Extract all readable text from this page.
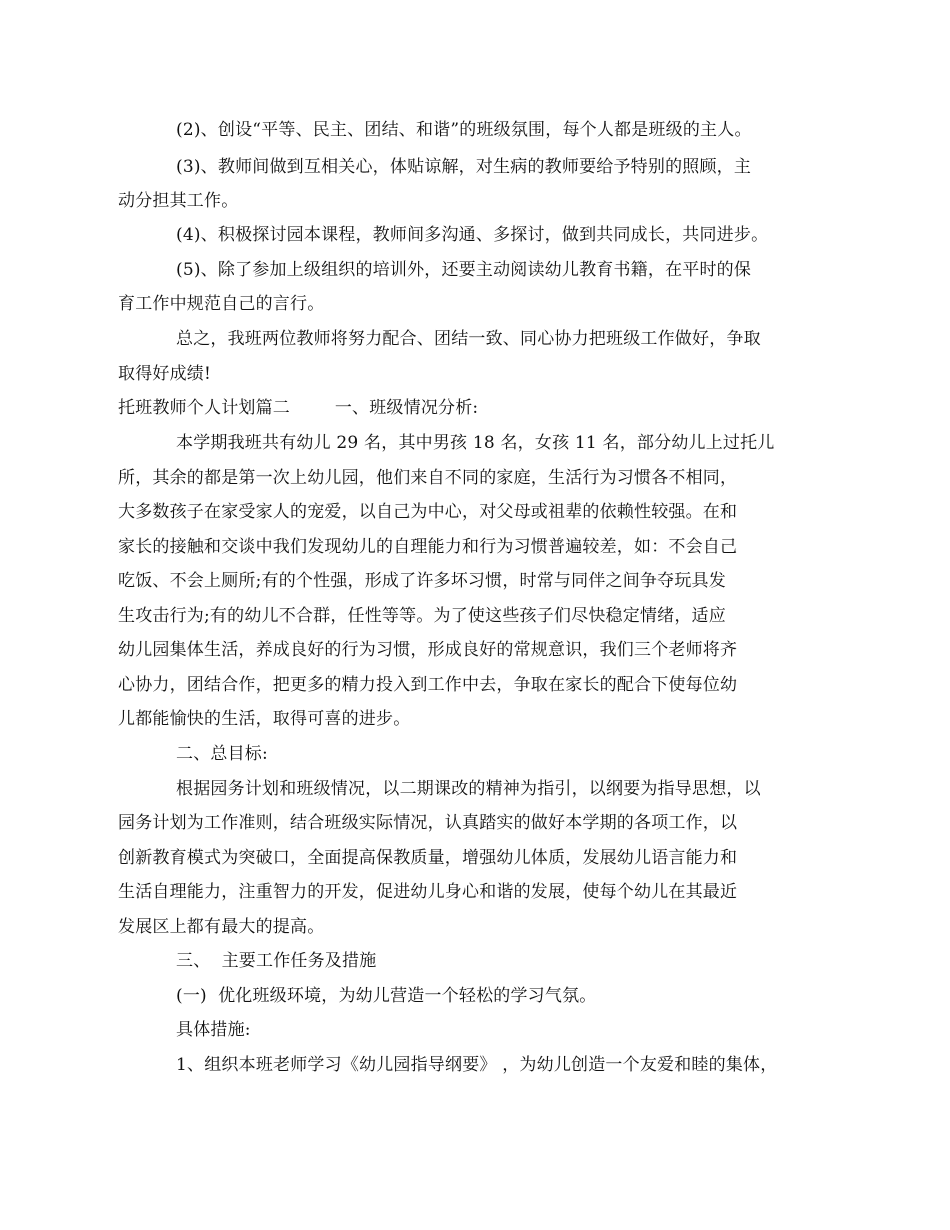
(2)、创设“平等、民主、团结、和谐”的班级氛围，每个人都是班级的主人。
(3)、教师间做到互相关心，体贴谅解，对生病的教师要给予特别的照顾，主
动分担其工作。
(4)、积极探讨园本课程，教师间多沟通、多探讨，做到共同成长，共同进步。
(5)、除了参加上级组织的培训外，还要主动阅读幼儿教育书籍，在平时的保
育工作中规范自己的言行。
总之，我班两位教师将努力配合、团结一致、同心协力把班级工作做好，争取
取得好成绩!
托班教师个人计划篇二        一、班级情况分析:
本学期我班共有幼儿 29 名，其中男孩 18 名，女孩 11 名，部分幼儿上过托儿
所，其余的都是第一次上幼儿园，他们来自不同的家庭，生活行为习惯各不相同，
大多数孩子在家受家人的宠爱，以自己为中心，对父母或祖辈的依赖性较强。在和
家长的接触和交谈中我们发现幼儿的自理能力和行为习惯普遍较差，如：不会自己
吃饭、不会上厕所;有的个性强，形成了许多坏习惯，时常与同伴之间争夺玩具发
生攻击行为;有的幼儿不合群，任性等等。为了使这些孩子们尽快稳定情绪，适应
幼儿园集体生活，养成良好的行为习惯，形成良好的常规意识，我们三个老师将齐
心协力，团结合作，把更多的精力投入到工作中去，争取在家长的配合下使每位幼
儿都能愉快的生活，取得可喜的进步。
二、总目标:
根据园务计划和班级情况，以二期课改的精神为指引，以纲要为指导思想，以
园务计划为工作准则，结合班级实际情况，认真踏实的做好本学期的各项工作，以
创新教育模式为突破口，全面提高保教质量，增强幼儿体质，发展幼儿语言能力和
生活自理能力，注重智力的开发，促进幼儿身心和谐的发展，使每个幼儿在其最近
发展区上都有最大的提高。
三、  主要工作任务及措施
(一)  优化班级环境，为幼儿营造一个轻松的学习气氛。
具体措施:
1、组织本班老师学习《幼儿园指导纲要》 ，为幼儿创造一个友爱和睦的集体，
